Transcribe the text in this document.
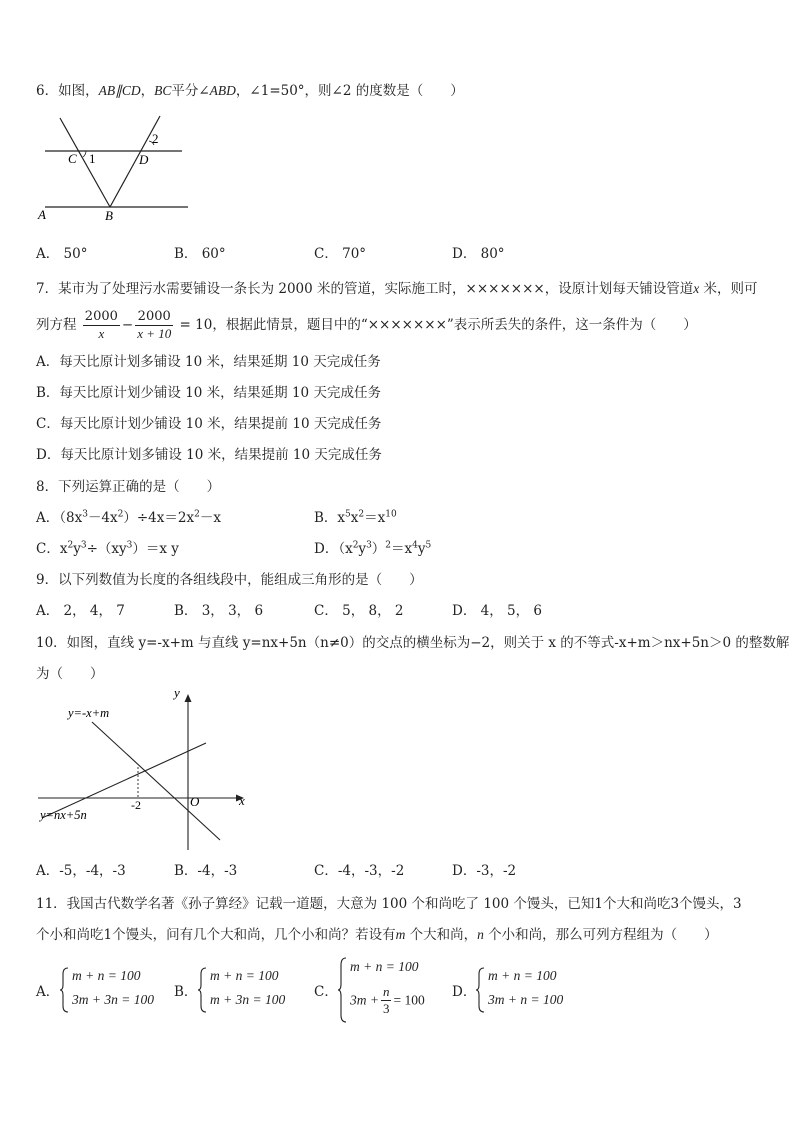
6．如图，AB∥CD，BC平分∠ABD，∠1=50°，则∠2 的度数是（　　）
C 1	D
2
A	B
A． 50°	B． 60°	C． 70°	D． 80°
7．某市为了处理污水需要铺设一条长为 2000 米的管道，实际施工时，×××××××，设原计划每天铺设管道x 米，则可
列方程 $\frac{2000}{x} - \frac{2000}{x + 10} = 10$，根据此情景，题目中的“×××××××”表示所丢失的条件，这一条件为（　　）
A．每天比原计划多铺设 10 米，结果延期 10 天完成任务
B．每天比原计划少铺设 10 米，结果延期 10 天完成任务
C．每天比原计划少铺设 10 米，结果提前 10 天完成任务
D．每天比原计划多铺设 10 米，结果提前 10 天完成任务
8．下列运算正确的是（　　）
A．$(8x^3-4x^2)\div 4x=2x^2-x$	B．$x^5x^2=x^{10}$
C．$x^2y^3\div(xy^3)=x$ y	D．$(x^2y^3)^2=x^4y^5$
9．以下列数值为长度的各组线段中，能组成三角形的是（　　）
A． 2， 4， 7	B． 3， 3， 6	C． 5， 8， 2	D． 4， 5， 6
10．如图，直线 y=-x+m 与直线 y=nx+5n（n≠0）的交点的横坐标为−2，则关于 x 的不等式-x+m＞nx+5n＞0 的整数解
为（　　）
y
x
O
-2
y=-x+m
y=nx+5n
A．-5，-4，-3	B．-4，-3	C．-4，-3，-2	D．-3，-2
11．我国古代数学名著《孙子算经》记载一道题，大意为 100 个和尚吃了 100 个馒头，已知1个大和尚吃3个馒头，3
个小和尚吃1个馒头，问有几个大和尚，几个小和尚？若设有m 个大和尚，n 个小和尚，那么可列方程组为（　　）
A．
m + n = 100
3m + 3n = 100 B．
m + n = 100
m + 3n = 100 C．
m + n = 100
$3m + \frac{n}{3} = 100$ D．
m + n = 100
3m + n = 100
